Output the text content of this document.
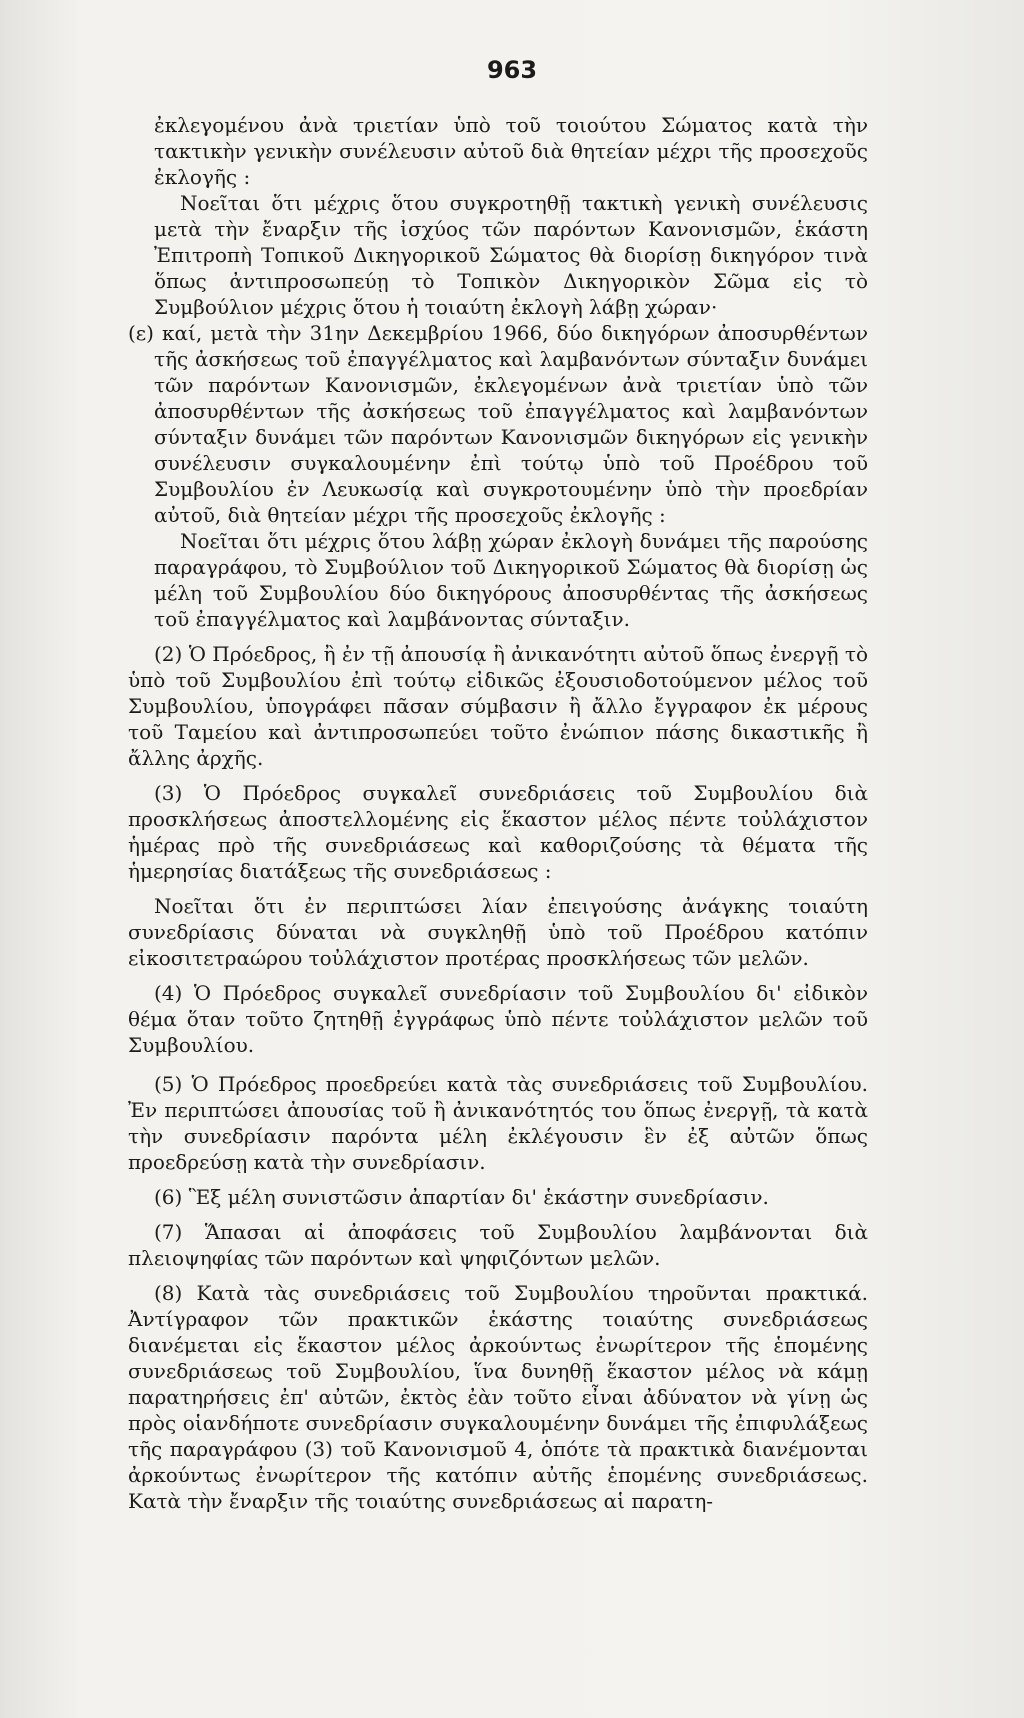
963

ἐκλεγομένου ἀνὰ τριετίαν ὑπὸ τοῦ τοιούτου Σώματος κατὰ τὴν τακτικὴν γενικὴν συνέλευσιν αὐτοῦ διὰ θητείαν μέχρι τῆς προσεχοῦς ἐκλογῆς :

Νοεῖται ὅτι μέχρις ὅτου συγκροτηθῇ τακτικὴ γενικὴ συνέλευσις μετὰ τὴν ἔναρξιν τῆς ἰσχύος τῶν παρόντων Κανονισμῶν, ἑκάστη Ἐπιτροπὴ Τοπικοῦ Δικηγορικοῦ Σώματος θὰ διορίσῃ δικηγόρον τινὰ ὅπως ἀντιπροσωπεύῃ τὸ Τοπικὸν Δικηγορικὸν Σῶμα εἰς τὸ Συμβούλιον μέχρις ὅτου ἡ τοιαύτη ἐκλογὴ λάβῃ χώραν·

(ε) καί, μετὰ τὴν 31ην Δεκεμβρίου 1966, δύο δικηγόρων ἀποσυρθέντων τῆς ἀσκήσεως τοῦ ἐπαγγέλματος καὶ λαμβανόντων σύνταξιν δυνάμει τῶν παρόντων Κανονισμῶν, ἐκλεγομένων ἀνὰ τριετίαν ὑπὸ τῶν ἀποσυρθέντων τῆς ἀσκήσεως τοῦ ἐπαγγέλματος καὶ λαμβανόντων σύνταξιν δυνάμει τῶν παρόντων Κανονισμῶν δικηγόρων εἰς γενικὴν συνέλευσιν συγκαλουμένην ἐπὶ τούτῳ ὑπὸ τοῦ Προέδρου τοῦ Συμβουλίου ἐν Λευκωσίᾳ καὶ συγκροτουμένην ὑπὸ τὴν προεδρίαν αὐτοῦ, διὰ θητείαν μέχρι τῆς προσεχοῦς ἐκλογῆς :

Νοεῖται ὅτι μέχρις ὅτου λάβῃ χώραν ἐκλογὴ δυνάμει τῆς παρούσης παραγράφου, τὸ Συμβούλιον τοῦ Δικηγορικοῦ Σώματος θὰ διορίσῃ ὡς μέλη τοῦ Συμβουλίου δύο δικηγόρους ἀποσυρθέντας τῆς ἀσκήσεως τοῦ ἐπαγγέλματος καὶ λαμβάνοντας σύνταξιν.

(2) Ὁ Πρόεδρος, ἢ ἐν τῇ ἀπουσίᾳ ἢ ἀνικανότητι αὐτοῦ ὅπως ἐνεργῇ τὸ ὑπὸ τοῦ Συμβουλίου ἐπὶ τούτῳ εἰδικῶς ἐξουσιοδοτούμενον μέλος τοῦ Συμβουλίου, ὑπογράφει πᾶσαν σύμβασιν ἢ ἄλλο ἔγγραφον ἐκ μέρους τοῦ Ταμείου καὶ ἀντιπροσωπεύει τοῦτο ἐνώπιον πάσης δικαστικῆς ἢ ἄλλης ἀρχῆς.

(3) Ὁ Πρόεδρος συγκαλεῖ συνεδριάσεις τοῦ Συμβουλίου διὰ προσκλήσεως ἀποστελλομένης εἰς ἕκαστον μέλος πέντε τοὐλάχιστον ἡμέρας πρὸ τῆς συνεδριάσεως καὶ καθοριζούσης τὰ θέματα τῆς ἡμερησίας διατάξεως τῆς συνεδριάσεως :

Νοεῖται ὅτι ἐν περιπτώσει λίαν ἐπειγούσης ἀνάγκης τοιαύτη συνεδρίασις δύναται νὰ συγκληθῇ ὑπὸ τοῦ Προέδρου κατόπιν εἰκοσιτετραώρου τοὐλάχιστον προτέρας προσκλήσεως τῶν μελῶν.

(4) Ὁ Πρόεδρος συγκαλεῖ συνεδρίασιν τοῦ Συμβουλίου δι' εἰδικὸν θέμα ὅταν τοῦτο ζητηθῇ ἐγγράφως ὑπὸ πέντε τοὐλάχιστον μελῶν τοῦ Συμβουλίου.

(5) Ὁ Πρόεδρος προεδρεύει κατὰ τὰς συνεδριάσεις τοῦ Συμβουλίου. Ἐν περιπτώσει ἀπουσίας τοῦ ἢ ἀνικανότητός του ὅπως ἐνεργῇ, τὰ κατὰ τὴν συνεδρίασιν παρόντα μέλη ἐκλέγουσιν ἓν ἐξ αὐτῶν ὅπως προεδρεύσῃ κατὰ τὴν συνεδρίασιν.

(6) Ἓξ μέλη συνιστῶσιν ἀπαρτίαν δι' ἑκάστην συνεδρίασιν.

(7) Ἅπασαι αἱ ἀποφάσεις τοῦ Συμβουλίου λαμβάνονται διὰ πλειοψηφίας τῶν παρόντων καὶ ψηφιζόντων μελῶν.

(8) Κατὰ τὰς συνεδριάσεις τοῦ Συμβουλίου τηροῦνται πρακτικά. Ἀντίγραφον τῶν πρακτικῶν ἑκάστης τοιαύτης συνεδριάσεως διανέμεται εἰς ἕκαστον μέλος ἀρκούντως ἐνωρίτερον τῆς ἑπομένης συνεδριάσεως τοῦ Συμβουλίου, ἵνα δυνηθῇ ἕκαστον μέλος νὰ κάμῃ παρατηρήσεις ἐπ' αὐτῶν, ἐκτὸς ἐὰν τοῦτο εἶναι ἀδύνατον νὰ γίνῃ ὡς πρὸς οἱανδήποτε συνεδρίασιν συγκαλουμένην δυνάμει τῆς ἐπιφυλάξεως τῆς παραγράφου (3) τοῦ Κανονισμοῦ 4, ὁπότε τὰ πρακτικὰ διανέμονται ἀρκούντως ἐνωρίτερον τῆς κατόπιν αὐτῆς ἑπομένης συνεδριάσεως. Κατὰ τὴν ἔναρξιν τῆς τοιαύτης συνεδριάσεως αἱ παρατη-
